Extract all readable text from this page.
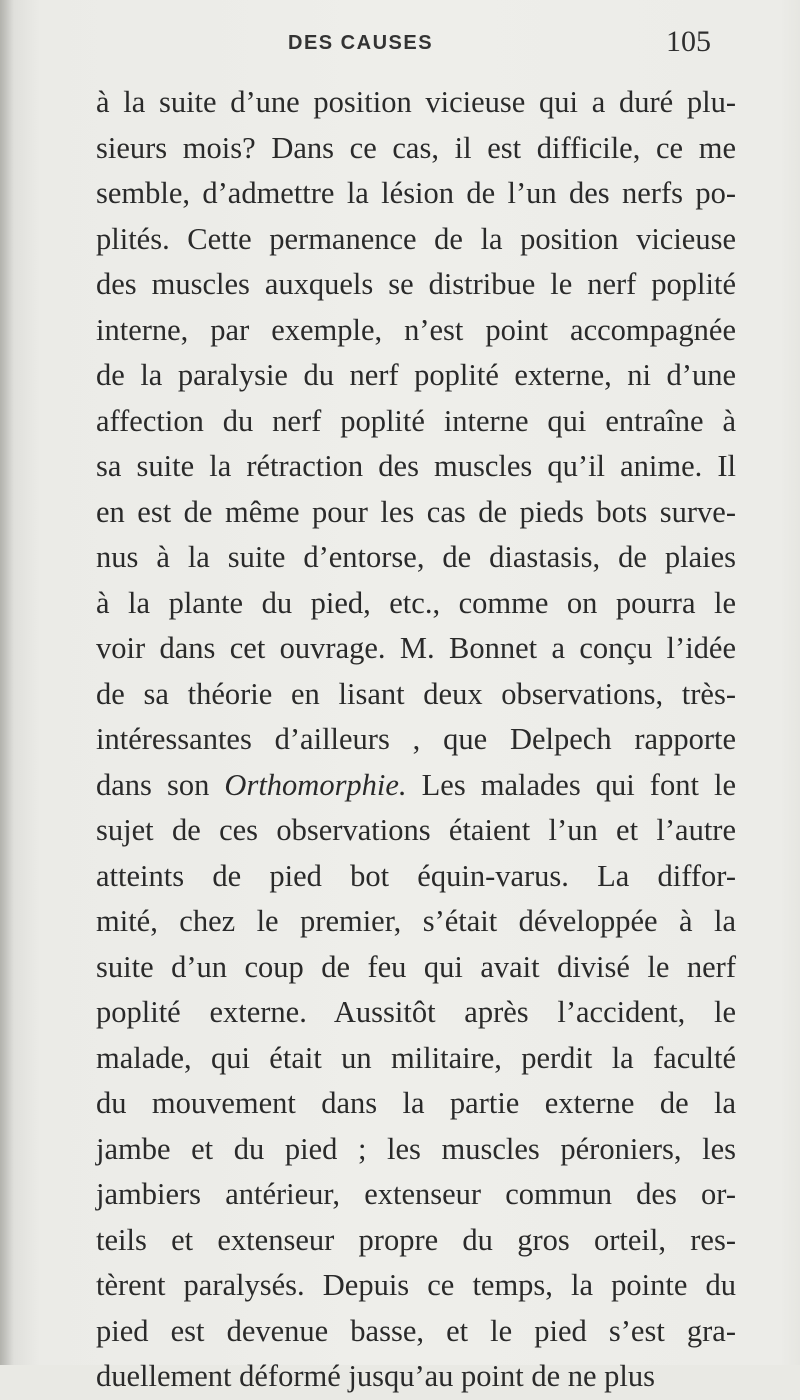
DES CAUSES	105
à la suite d’une position vicieuse qui a duré plu-
sieurs mois? Dans ce cas, il est difficile, ce me
semble, d’admettre la lésion de l’un des nerfs po-
plités. Cette permanence de la position vicieuse
des muscles auxquels se distribue le nerf poplité
interne, par exemple, n’est point accompagnée
de la paralysie du nerf poplité externe, ni d’une
affection du nerf poplité interne qui entraîne à
sa suite la rétraction des muscles qu’il anime. Il
en est de même pour les cas de pieds bots surve-
nus à la suite d’entorse, de diastasis, de plaies
à la plante du pied, etc., comme on pourra le
voir dans cet ouvrage. M. Bonnet a conçu l’idée
de sa théorie en lisant deux observations, très-
intéressantes d’ailleurs , que Delpech rapporte
dans son Orthomorphie. Les malades qui font le
sujet de ces observations étaient l’un et l’autre
atteints de pied bot équin-varus. La diffor-
mité, chez le premier, s’était développée à la
suite d’un coup de feu qui avait divisé le nerf
poplité externe. Aussitôt après l’accident, le
malade, qui était un militaire, perdit la faculté
du mouvement dans la partie externe de la
jambe et du pied ; les muscles péroniers, les
jambiers antérieur, extenseur commun des or-
teils et extenseur propre du gros orteil, res-
tèrent paralysés. Depuis ce temps, la pointe du
pied est devenue basse, et le pied s’est gra-
duellement déformé jusqu’au point de ne plus
